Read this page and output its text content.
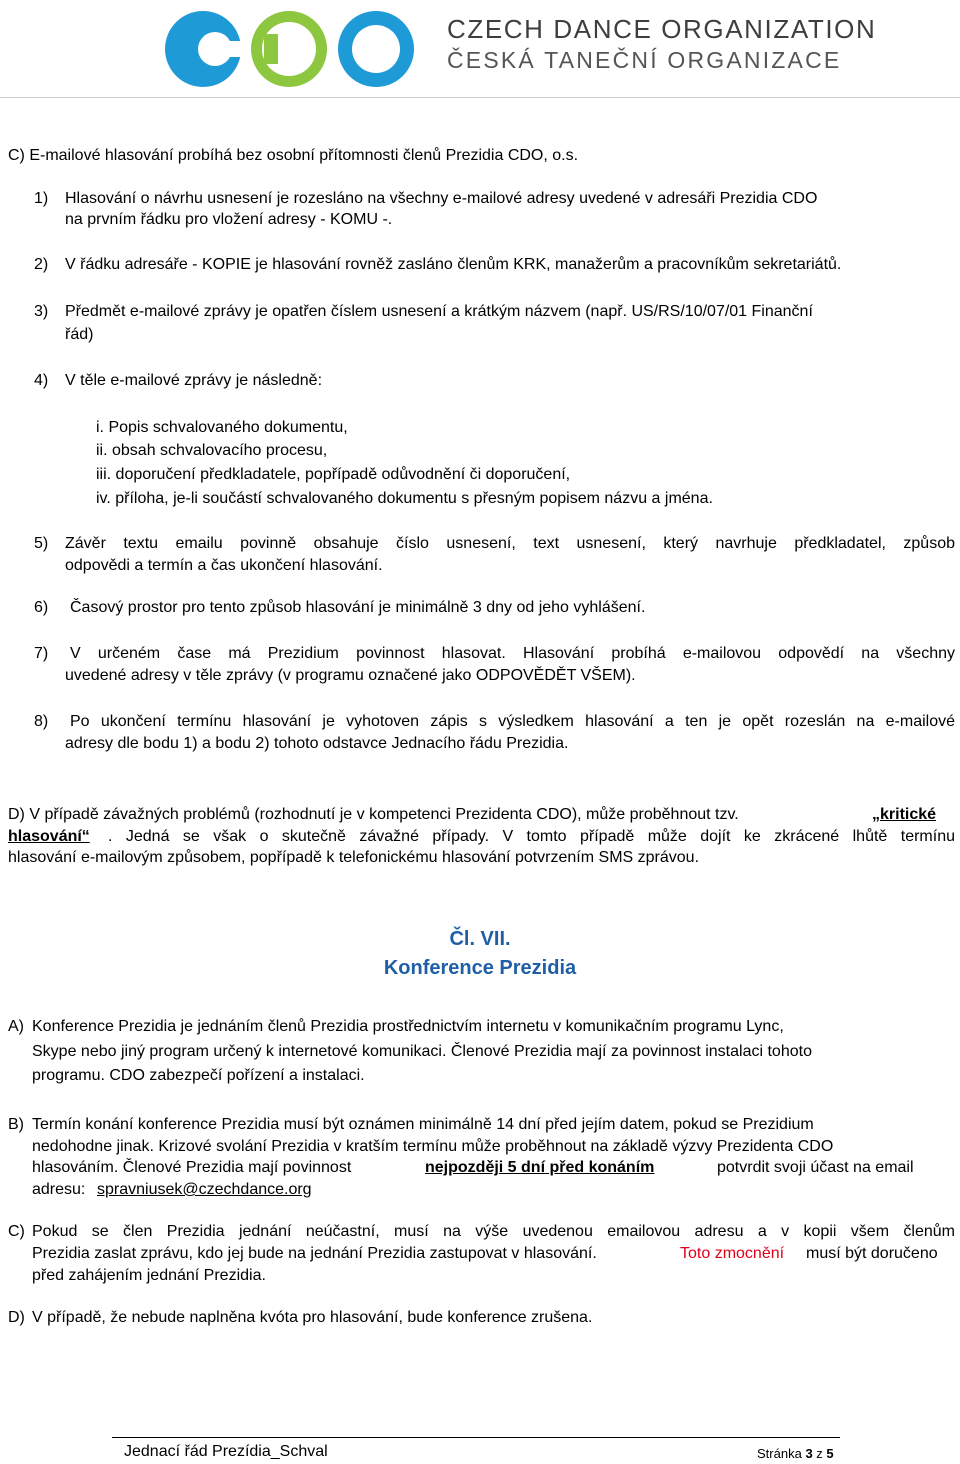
CZECH DANCE ORGANIZATION
ČESKÁ TANEČNÍ ORGANIZACE
C) E-mailové hlasování probíhá bez osobní přítomnosti členů Prezidia CDO, o.s.
1) Hlasování o návrhu usnesení je rozesláno na všechny e-mailové adresy uvedené v adresáři Prezidia CDO
na prvním řádku pro vložení adresy - KOMU -.
2) V řádku adresáře - KOPIE je hlasování rovněž zasláno členům KRK, manažerům a pracovníkům sekretariátů.
3) Předmět e-mailové zprávy je opatřen číslem usnesení a krátkým názvem (např. US/RS/10/07/01 Finanční
řád)
4) V těle e-mailové zprávy je následně:
i. Popis schvalovaného dokumentu,
ii. obsah schvalovacího procesu,
iii. doporučení předkladatele, popřípadě odůvodnění či doporučení,
iv. příloha, je-li součástí schvalovaného dokumentu s přesným popisem názvu a jména.
5) Závěr textu emailu povinně obsahuje číslo usnesení, text usnesení, který navrhuje předkladatel, způsob
odpovědi a termín a čas ukončení hlasování.
6) Časový prostor pro tento způsob hlasování je minimálně 3 dny od jeho vyhlášení.
7) V určeném čase má Prezidium povinnost hlasovat. Hlasování probíhá e-mailovou odpovědí na všechny
uvedené adresy v těle zprávy (v programu označené jako ODPOVĚDĚT VŠEM).
8) Po ukončení termínu hlasování je vyhotoven zápis s výsledkem hlasování a ten je opět rozeslán na e-mailové
adresy dle bodu 1) a bodu 2) tohoto odstavce Jednacího řádu Prezidia.
D) V případě závažných problémů (rozhodnutí je v kompetenci Prezidenta CDO), může proběhnout tzv.	„kritické
hlasování“ . Jedná se však o skutečně závažné případy. V tomto případě může dojít ke zkrácené lhůtě termínu
hlasování e-mailovým způsobem, popřípadě k telefonickému hlasování potvrzením SMS zprávou.
Čl. VII.
Konference Prezidia
A) Konference Prezidia je jednáním členů Prezidia prostřednictvím internetu v komunikačním programu Lync,
Skype nebo jiný program určený k internetové komunikaci. Členové Prezidia mají za povinnost instalaci tohoto
programu. CDO zabezpečí pořízení a instalaci.
B) Termín konání konference Prezidia musí být oznámen minimálně 14 dní před jejím datem, pokud se Prezidium
nedohodne jinak. Krizové svolání Prezidia v kratším termínu může proběhnout na základě výzvy Prezidenta CDO
hlasováním. Členové Prezidia mají povinnost	nejpozději 5 dní před konáním	potvrdit svoji účast na email
adresu: spravniusek@czechdance.org
C) Pokud se člen Prezidia jednání neúčastní, musí na výše uvedenou emailovou adresu a v kopii všem členům
Prezidia zaslat zprávu, kdo jej bude na jednání Prezidia zastupovat v hlasování.	Toto zmocnění musí být doručeno
před zahájením jednání Prezidia.
D) V případě, že nebude naplněna kvóta pro hlasování, bude konference zrušena.
Jednací řád Prezídia_Schval	Stránka 3 z 5
